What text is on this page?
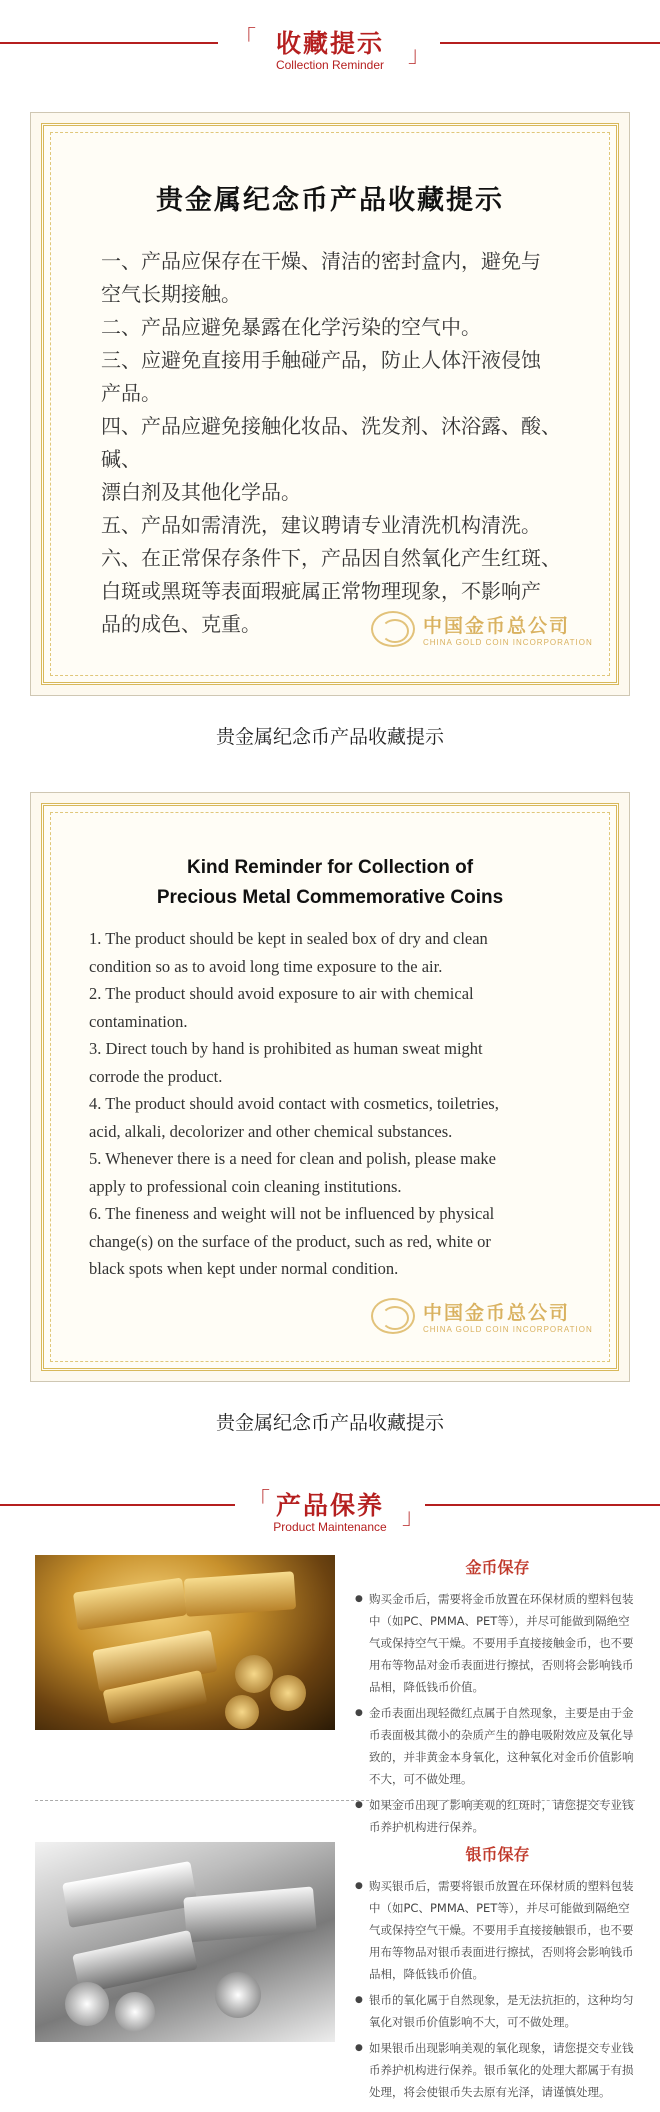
「
」
收藏提示
Collection Reminder
贵金属纪念币产品收藏提示

一、产品应保存在干燥、清洁的密封盒内，避免与

空气长期接触。

二、产品应避免暴露在化学污染的空气中。

三、应避免直接用手触碰产品，防止人体汗液侵蚀

产品。

四、产品应避免接触化妆品、洗发剂、沐浴露、酸、碱、

漂白剂及其他化学品。

五、产品如需清洗，建议聘请专业清洗机构清洗。

六、在正常保存条件下，产品因自然氧化产生红斑、

白斑或黑斑等表面瑕疵属正常物理现象，不影响产

品的成色、克重。	中国金币总公司
CHINA GOLD COIN INCORPORATION
贵金属纪念币产品收藏提示
Kind Reminder for Collection of
Precious Metal Commemorative Coins

1. The product should be kept in sealed box of dry and clean

condition so as to avoid long time exposure to the air.

2. The product should avoid exposure to air with chemical

contamination.

3. Direct touch by hand is prohibited as human sweat might

corrode the product.

4. The product should avoid contact with cosmetics, toiletries,

acid, alkali, decolorizer and other chemical substances.

5. Whenever there is a need for clean and polish, please make

apply to professional coin cleaning institutions.

6. The fineness and weight will not be influenced by physical

change(s) on the surface of the product, such as red, white or

black spots when kept under normal condition.

中国金币总公司
CHINA GOLD COIN INCORPORATION
贵金属纪念币产品收藏提示
「
」
产品保养
Product Maintenance
金币保存
● 购买金币后，需要将金币放置在环保材质的塑料包装中（如PC、PMMA、PET等），并尽可能做到隔绝空气或保持空气干燥。不要用手直接接触金币，也不要用布等物品对金币表面进行擦拭，否则将会影响钱币品相，降低钱币价值。
● 金币表面出现轻微红点属于自然现象，主要是由于金币表面极其微小的杂质产生的静电吸附效应及氧化导致的，并非黄金本身氧化，这种氧化对金币价值影响不大，可不做处理。
● 如果金币出现了影响美观的红斑时，请您提交专业钱币养护机构进行保养。
银币保存
● 购买银币后，需要将银币放置在环保材质的塑料包装中（如PC、PMMA、PET等），并尽可能做到隔绝空气或保持空气干燥。不要用手直接接触银币，也不要用布等物品对银币表面进行擦拭，否则将会影响钱币品相，降低钱币价值。
● 银币的氧化属于自然现象，是无法抗拒的，这种均匀氧化对银币价值影响不大，可不做处理。
● 如果银币出现影响美观的氧化现象，请您提交专业钱币养护机构进行保养。银币氧化的处理大都属于有损处理，将会使银币失去原有光泽，请谨慎处理。
